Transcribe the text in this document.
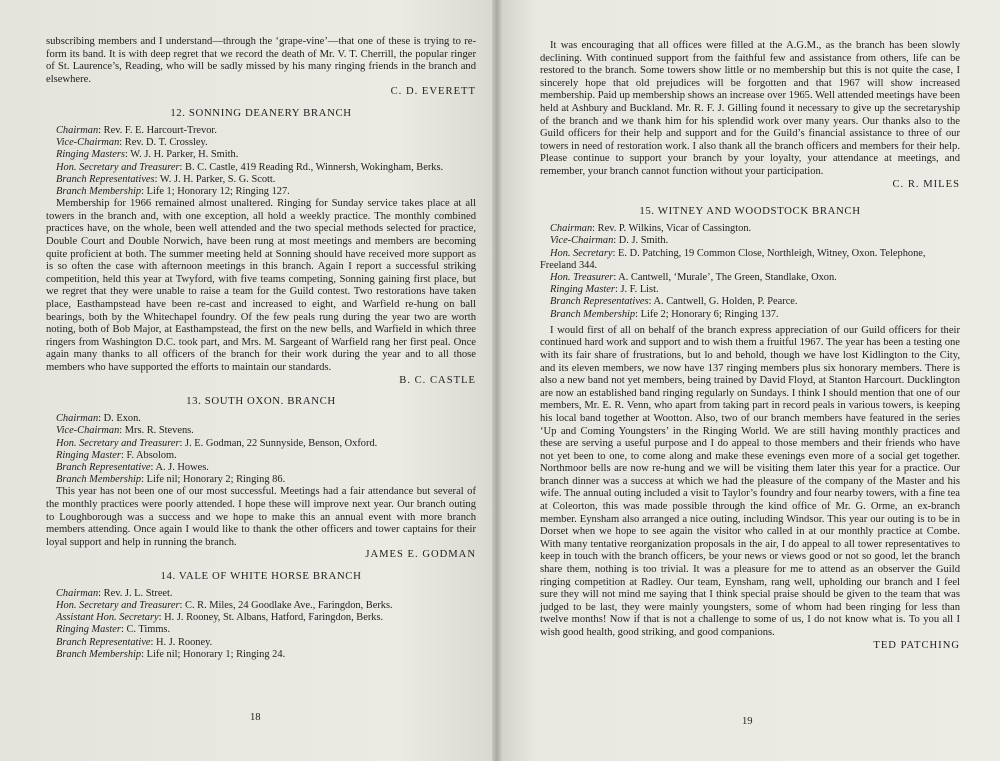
subscribing members and I understand—through the ‘grape-vine’—that one of these is trying to re-form its band. It is with deep regret that we record the death of Mr. V. T. Cherrill, the popular ringer of St. Laurence’s, Reading, who will be sadly missed by his many ringing friends in the branch and elsewhere.

C. D. EVERETT
12. SONNING DEANERY BRANCH
Chairman: Rev. F. E. Harcourt-Trevor.
Vice-Chairman: Rev. D. T. Crossley.
Ringing Masters: W. J. H. Parker, H. Smith.
Hon. Secretary and Treasurer: B. C. Castle, 419 Reading Rd., Winnersh, Wokingham, Berks.
Branch Representatives: W. J. H. Parker, S. G. Scott.
Branch Membership: Life 1; Honorary 12; Ringing 127.

Membership for 1966 remained almost unaltered. Ringing for Sunday service takes place at all towers in the branch and, with one exception, all hold a weekly practice. The monthly combined practices have, on the whole, been well attended and the two special methods selected for practice, Double Court and Double Norwich, have been rung at most meetings and members are becoming quite proficient at both. The summer meeting held at Sonning should have received more support as is so often the case with afternoon meetings in this branch. Again I report a successful striking competition, held this year at Twyford, with five teams competing, Sonning gaining first place, but we regret that they were unable to raise a team for the Guild contest. Two restorations have taken place, Easthampstead have been re-cast and increased to eight, and Warfield re-hung on ball bearings, both by the Whitechapel foundry. Of the few peals rung during the year two are worth noting, both of Bob Major, at Easthampstead, the first on the new bells, and Warfield in which three ringers from Washington D.C. took part, and Mrs. M. Sargeant of Warfield rang her first peal. Once again many thanks to all officers of the branch for their work during the year and to all those members who have supported the efforts to maintain our standards.

B. C. CASTLE
13. SOUTH OXON. BRANCH
Chairman: D. Exon.
Vice-Chairman: Mrs. R. Stevens.
Hon. Secretary and Treasurer: J. E. Godman, 22 Sunnyside, Benson, Oxford.
Ringing Master: F. Absolom.
Branch Representative: A. J. Howes.
Branch Membership: Life nil; Honorary 2; Ringing 86.

This year has not been one of our most successful. Meetings had a fair attendance but several of the monthly practices were poorly attended. I hope these will improve next year. Our branch outing to Loughborough was a success and we hope to make this an annual event with more branch members attending. Once again I would like to thank the other officers and tower captains for their loyal support and help in running the branch.

JAMES E. GODMAN
14. VALE OF WHITE HORSE BRANCH
Chairman: Rev. J. L. Street.
Hon. Secretary and Treasurer: C. R. Miles, 24 Goodlake Ave., Faringdon, Berks.
Assistant Hon. Secretary: H. J. Rooney, St. Albans, Hatford, Faringdon, Berks.
Ringing Master: C. Timms.
Branch Representative: H. J. Rooney.
Branch Membership: Life nil; Honorary 1; Ringing 24.
18

It was encouraging that all offices were filled at the A.G.M., as the branch has been slowly declining. With continued support from the faithful few and assistance from others, life can be restored to the branch. Some towers show little or no membership but this is not quite the case, I sincerely hope that old prejudices will be forgotten and that 1967 will show increased membership. Paid up membership shows an increase over 1965. Well attended meetings have been held at Ashbury and Buckland. Mr. R. F. J. Gilling found it necessary to give up the secretaryship of the branch and we thank him for his splendid work over many years. Our thanks also to the Guild officers for their help and support and for the Guild’s financial assistance to three of our towers in need of restoration work. I also thank all the branch officers and members for their help. Please continue to support your branch by your loyalty, your attendance at meetings, and remember, your branch cannot function without your participation.

C. R. MILES
15. WITNEY AND WOODSTOCK BRANCH
Chairman: Rev. P. Wilkins, Vicar of Cassington.
Vice-Chairman: D. J. Smith.
Hon. Secretary: E. D. Patching, 19 Common Close, Northleigh, Witney, Oxon. Telephone, Freeland 344.
Hon. Treasurer: A. Cantwell, ‘Murale’, The Green, Standlake, Oxon.
Ringing Master: J. F. List.
Branch Representatives: A. Cantwell, G. Holden, P. Pearce.
Branch Membership: Life 2; Honorary 6; Ringing 137.

I would first of all on behalf of the branch express appreciation of our Guild officers for their continued hard work and support and to wish them a fruitful 1967. The year has been a testing one with its fair share of frustrations, but lo and behold, though we have lost Kidlington to the City, and its eleven members, we now have 137 ringing members plus six honorary members. There is also a new band not yet members, being trained by David Floyd, at Stanton Harcourt. Ducklington are now an established band ringing regularly on Sundays. I think I should mention that one of our members, Mr. E. R. Venn, who apart from taking part in record peals in various towers, is keeping his local band together at Wootton. Also, two of our branch members have featured in the series ‘Up and Coming Youngsters’ in the Ringing World. We are still having monthly practices and these are serving a useful purpose and I do appeal to those members and their friends who have not yet been to one, to come along and make these evenings even more of a social get together. Northmoor bells are now re-hung and we will be visiting them later this year for a practice. Our branch dinner was a success at which we had the pleasure of the company of the Master and his wife. The annual outing included a visit to Taylor’s foundry and four nearby towers, with a fine tea at Coleorton, this was made possible through the kind office of Mr. G. Orme, an ex-branch member. Eynsham also arranged a nice outing, including Windsor. This year our outing is to be in Dorset when we hope to see again the visitor who called in at our monthly practice at Combe. With many tentative reorganization proposals in the air, I do appeal to all tower representatives to keep in touch with the branch officers, be your news or views good or not so good, let the branch share them, nothing is too trivial. It was a pleasure for me to attend as an observer the Guild ringing competition at Radley. Our team, Eynsham, rang well, upholding our branch and I feel sure they will not mind me saying that I think special praise should be given to the team that was judged to be last, they were mainly youngsters, some of whom had been ringing for less than twelve months! Now if that is not a challenge to some of us, I do not know what is. To you all I wish good health, good striking, and good companions.

TED PATCHING
19
